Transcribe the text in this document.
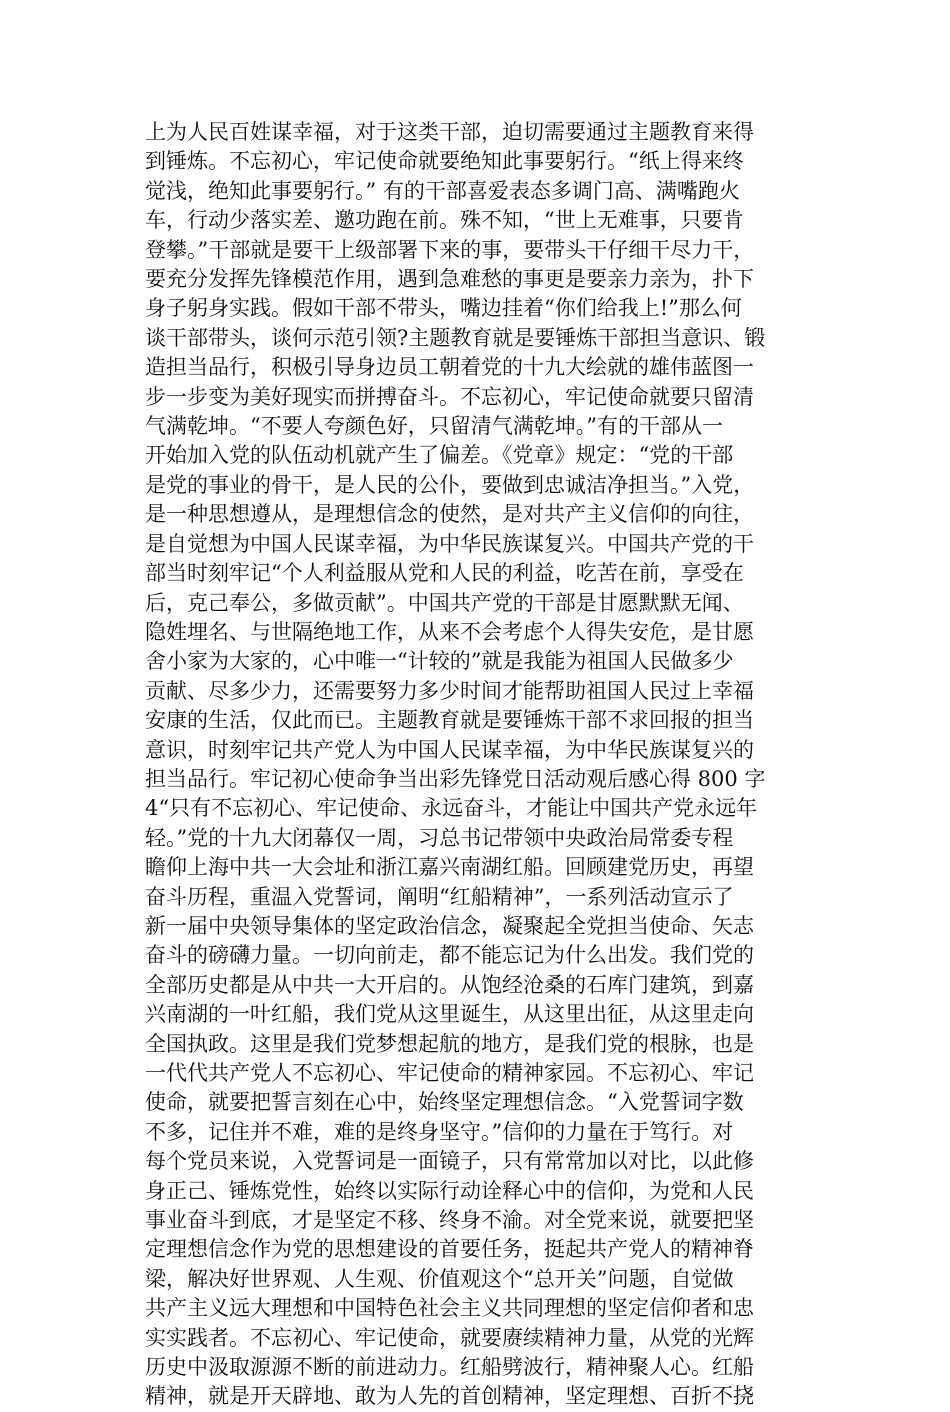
上为人民百姓谋幸福，对于这类干部，迫切需要通过主题教育来得
到锤炼。不忘初心，牢记使命就要绝知此事要躬行。“纸上得来终
觉浅，绝知此事要躬行。” 有的干部喜爱表态多调门高、满嘴跑火
车，行动少落实差、邀功跑在前。殊不知，“世上无难事，只要肯
登攀。”干部就是要干上级部署下来的事，要带头干仔细干尽力干，
要充分发挥先锋模范作用，遇到急难愁的事更是要亲力亲为，扑下
身子躬身实践。假如干部不带头，嘴边挂着“你们给我上!”那么何
谈干部带头，谈何示范引领?主题教育就是要锤炼干部担当意识、锻
造担当品行，积极引导身边员工朝着党的十九大绘就的雄伟蓝图一
步一步变为美好现实而拼搏奋斗。不忘初心，牢记使命就要只留清
气满乾坤。“不要人夸颜色好，只留清气满乾坤。”有的干部从一
开始加入党的队伍动机就产生了偏差。《党章》规定：“党的干部
是党的事业的骨干，是人民的公仆，要做到忠诚洁净担当。”入党，
是一种思想遵从，是理想信念的使然，是对共产主义信仰的向往，
是自觉想为中国人民谋幸福，为中华民族谋复兴。中国共产党的干
部当时刻牢记“个人利益服从党和人民的利益，吃苦在前，享受在
后，克己奉公，多做贡献”。中国共产党的干部是甘愿默默无闻、
隐姓埋名、与世隔绝地工作，从来不会考虑个人得失安危，是甘愿
舍小家为大家的，心中唯一“计较的”就是我能为祖国人民做多少
贡献、尽多少力，还需要努力多少时间才能帮助祖国人民过上幸福
安康的生活，仅此而已。主题教育就是要锤炼干部不求回报的担当
意识，时刻牢记共产党人为中国人民谋幸福，为中华民族谋复兴的
担当品行。牢记初心使命争当出彩先锋党日活动观后感心得 800 字
4“只有不忘初心、牢记使命、永远奋斗，才能让中国共产党永远年
轻。”党的十九大闭幕仅一周，习总书记带领中央政治局常委专程
瞻仰上海中共一大会址和浙江嘉兴南湖红船。回顾建党历史，再望
奋斗历程，重温入党誓词，阐明“红船精神”，一系列活动宣示了
新一届中央领导集体的坚定政治信念，凝聚起全党担当使命、矢志
奋斗的磅礴力量。一切向前走，都不能忘记为什么出发。我们党的
全部历史都是从中共一大开启的。从饱经沧桑的石库门建筑，到嘉
兴南湖的一叶红船，我们党从这里诞生，从这里出征，从这里走向
全国执政。这里是我们党梦想起航的地方，是我们党的根脉，也是
一代代共产党人不忘初心、牢记使命的精神家园。不忘初心、牢记
使命，就要把誓言刻在心中，始终坚定理想信念。“入党誓词字数
不多，记住并不难，难的是终身坚守。”信仰的力量在于笃行。对
每个党员来说，入党誓词是一面镜子，只有常常加以对比，以此修
身正己、锤炼党性，始终以实际行动诠释心中的信仰，为党和人民
事业奋斗到底，才是坚定不移、终身不渝。对全党来说，就要把坚
定理想信念作为党的思想建设的首要任务，挺起共产党人的精神脊
梁，解决好世界观、人生观、价值观这个“总开关”问题，自觉做
共产主义远大理想和中国特色社会主义共同理想的坚定信仰者和忠
实实践者。不忘初心、牢记使命，就要赓续精神力量，从党的光辉
历史中汲取源源不断的前进动力。红船劈波行，精神聚人心。红船
精神，就是开天辟地、敢为人先的首创精神，坚定理想、百折不挠
